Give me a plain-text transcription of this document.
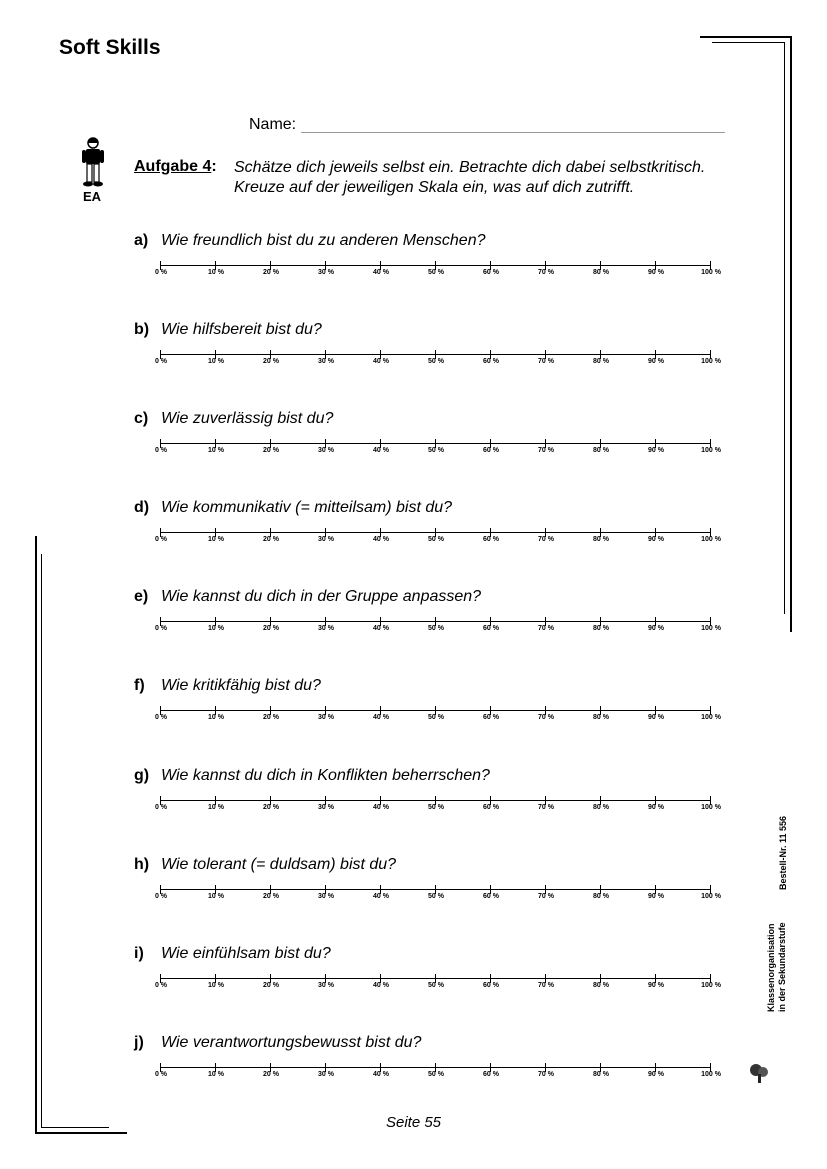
Soft Skills
Name:
EA
Aufgabe 4: Schätze dich jeweils selbst ein. Betrachte dich dabei selbstkritisch.
Kreuze auf der jeweiligen Skala ein, was auf dich zutrifft.
a) Wie freundlich bist du zu anderen Menschen?
0 %	10 %	20 %	30 %	40 %	50 %	60 %	70 %	80 %	90 %	100 %
b) Wie hilfsbereit bist du?
0 %	10 %	20 %	30 %	40 %	50 %	60 %	70 %	80 %	90 %	100 %
c) Wie zuverlässig bist du?
0 %	10 %	20 %	30 %	40 %	50 %	60 %	70 %	80 %	90 %	100 %
d) Wie kommunikativ (= mitteilsam) bist du?
0 %	10 %	20 %	30 %	40 %	50 %	60 %	70 %	80 %	90 %	100 %
e) Wie kannst du dich in der Gruppe anpassen?
0 %	10 %	20 %	30 %	40 %	50 %	60 %	70 %	80 %	90 %	100 %
f) Wie kritikfähig bist du?
0 %	10 %	20 %	30 %	40 %	50 %	60 %	70 %	80 %	90 %	100 %
g) Wie kannst du dich in Konflikten beherrschen?
0 %	10 %	20 %	30 %	40 %	50 %	60 %	70 %	80 %	90 %	100 %
h) Wie tolerant (= duldsam) bist du?
0 %	10 %	20 %	30 %	40 %	50 %	60 %	70 %	80 %	90 %	100 %
i) Wie einfühlsam bist du?
0 %	10 %	20 %	30 %	40 %	50 %	60 %	70 %	80 %	90 %	100 %
j) Wie verantwortungsbewusst bist du?
0 %	10 %	20 %	30 %	40 %	50 %	60 %	70 %	80 %	90 %	100 %
Seite 55
Bestell-Nr. 11 556
Klassenorganisation in der Sekundarstufe
